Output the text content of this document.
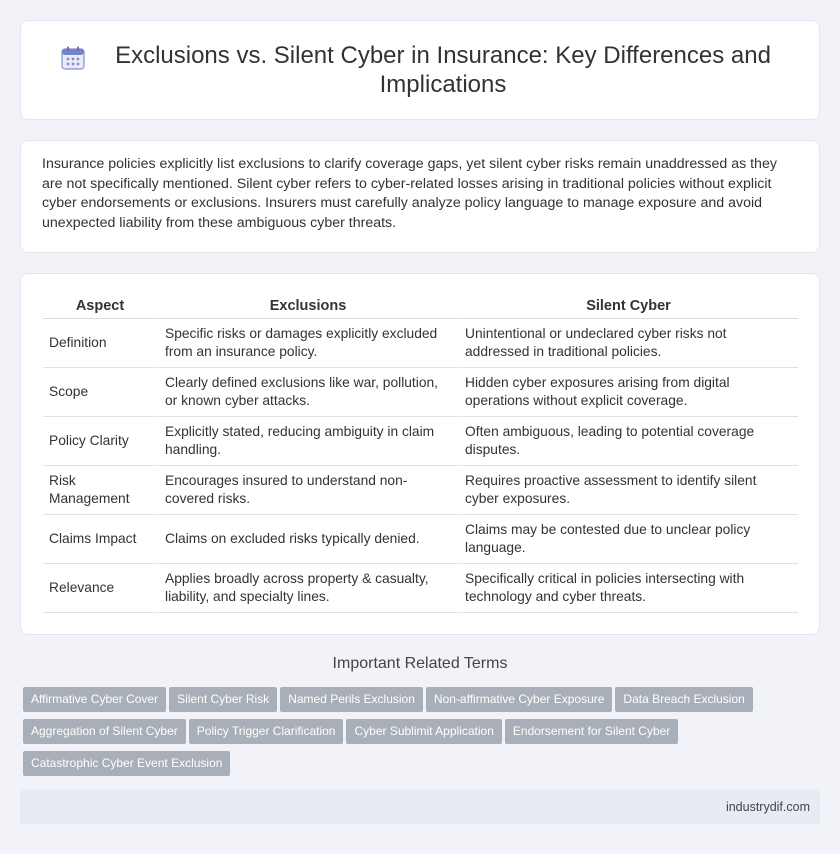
Exclusions vs. Silent Cyber in Insurance: Key Differences and Implications

Insurance policies explicitly list exclusions to clarify coverage gaps, yet silent cyber risks remain unaddressed as they are not specifically mentioned. Silent cyber refers to cyber-related losses arising in traditional policies without explicit cyber endorsements or exclusions. Insurers must carefully analyze policy language to manage exposure and avoid unexpected liability from these ambiguous cyber threats.

Aspect	Exclusions	Silent Cyber
Definition	Specific risks or damages explicitly excluded from an insurance policy.	Unintentional or undeclared cyber risks not addressed in traditional policies.
Scope	Clearly defined exclusions like war, pollution, or known cyber attacks.	Hidden cyber exposures arising from digital operations without explicit coverage.
Policy Clarity	Explicitly stated, reducing ambiguity in claim handling.	Often ambiguous, leading to potential coverage disputes.
Risk Management	Encourages insured to understand non-covered risks.	Requires proactive assessment to identify silent cyber exposures.
Claims Impact	Claims on excluded risks typically denied.	Claims may be contested due to unclear policy language.
Relevance	Applies broadly across property & casualty, liability, and specialty lines.	Specifically critical in policies intersecting with technology and cyber threats.
Important Related Terms
Affirmative Cyber Cover Silent Cyber Risk Named Perils Exclusion Non-affirmative Cyber Exposure Data Breach Exclusion
Aggregation of Silent Cyber Policy Trigger Clarification Cyber Sublimit Application Endorsement for Silent Cyber
Catastrophic Cyber Event Exclusion
industrydif.com
